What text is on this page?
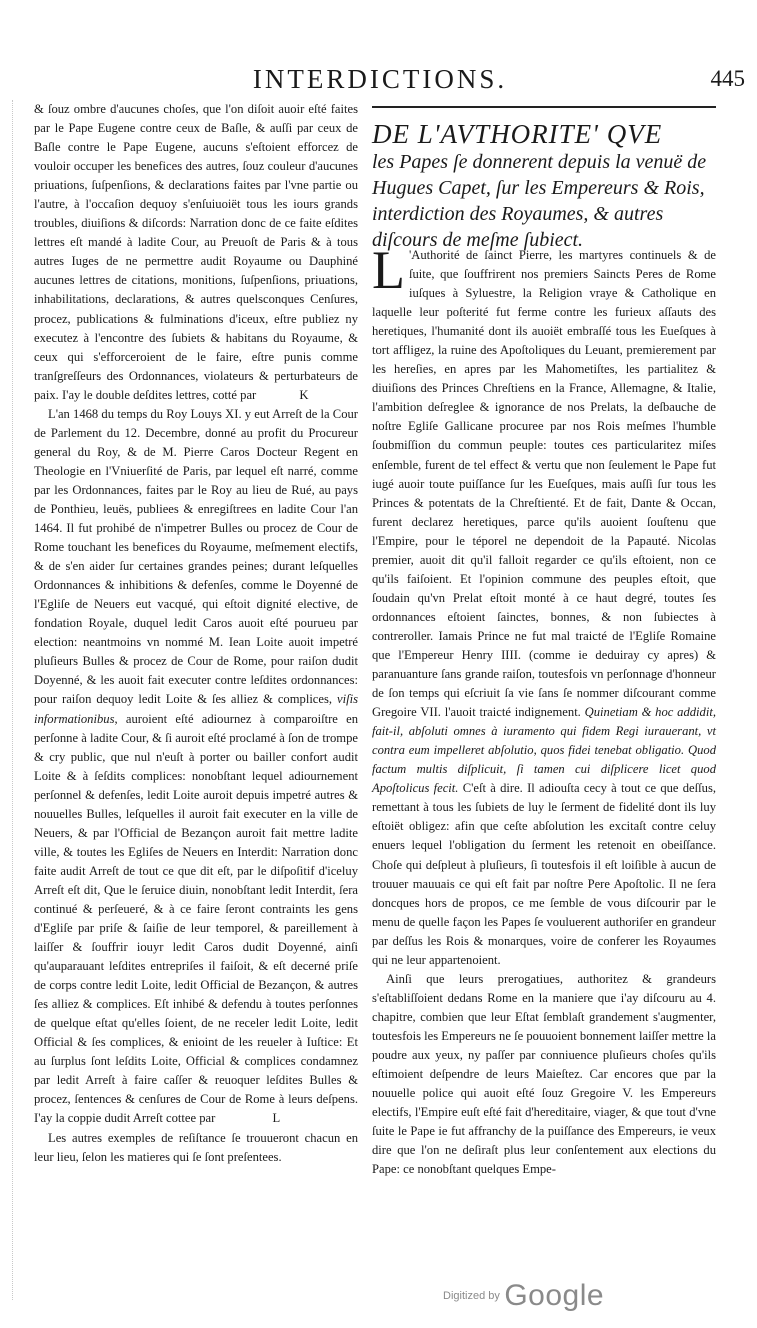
INTERDICTIONS.	445

& ſouz ombre d'aucunes choſes, que l'on diſoit auoir eſté faites par le Pape Eugene contre ceux de Baſle, & auſſi par ceux de Baſle contre le Pape Eugene, aucuns s'eſtoient efforcez de vouloir occuper les benefices des autres, ſouz couleur d'aucunes priuations, ſuſpenſions, & declarations faites par l'vne partie ou l'autre, à l'occaſion dequoy s'enſuiuoiët tous les iours grands troubles, diuiſions & diſcords: Narration donc de ce faite eſdites lettres eſt mandé à ladite Cour, au Preuoſt de Paris & à tous autres Iuges de ne permettre audit Royaume ou Dauphiné aucunes lettres de citations, monitions, ſuſpenſions, priuations, inhabilitations, declarations, & autres quelsconques Cenſures, procez, publications & fulminations d'iceux, eſtre publiez ny executez à l'encontre des ſubiets & habitans du Royaume, & ceux qui s'efforceroient de le faire, eſtre punis comme tranſgreſſeurs des Ordonnances, violateurs & perturbateurs de paix. I'ay le double deſdites lettres, cotté par	K

L'an 1468 du temps du Roy Louys XI. y eut Arreſt de la Cour de Parlement du 12. Decembre, donné au profit du Procureur general du Roy, & de M. Pierre Caros Docteur Regent en Theologie en l'Vniuerſité de Paris, par lequel eſt narré, comme par les Ordonnances, faites par le Roy au lieu de Rué, au pays de Ponthieu, leuës, publiees & enregiſtrees en ladite Cour l'an 1464. Il fut prohibé de n'impetrer Bulles ou procez de Cour de Rome touchant les benefices du Royaume, meſmement electifs, & de s'en aider ſur certaines grandes peines; durant leſquelles Ordonnances & inhibitions & defenſes, comme le Doyenné de l'Egliſe de Neuers eut vacqué, qui eſtoit dignité elective, de fondation Royale, duquel ledit Caros auoit eſté pourueu par election: neantmoins vn nommé M. Iean Loite auoit impetré pluſieurs Bulles & procez de Cour de Rome, pour raiſon dudit Doyenné, & les auoit fait executer contre leſdites ordonnances: pour raiſon dequoy ledit Loite & ſes alliez & complices, viſis informationibus, auroient eſté adiournez à comparoiſtre en perſonne à ladite Cour, & ſi auroit eſté proclamé à ſon de trompe & cry public, que nul n'euſt à porter ou bailler confort audit Loite & à ſeſdits complices: nonobſtant lequel adiournement perſonnel & defenſes, ledit Loite auroit depuis impetré autres & nouuelles Bulles, leſquelles il auroit fait executer en la ville de Neuers, & par l'Official de Bezançon auroit fait mettre ladite ville, & toutes les Egliſes de Neuers en Interdit: Narration donc faite audit Arreſt de tout ce que dit eſt, par le diſpoſitif d'iceluy Arreſt eſt dit, Que le ſeruice diuin, nonobſtant ledit Interdit, ſera continué & perſeueré, & à ce faire ſeront contraints les gens d'Egliſe par priſe & ſaiſie de leur temporel, & pareillement à laiſſer & ſouffrir iouyr ledit Caros dudit Doyenné, ainſi qu'auparauant leſdites entrepriſes il faiſoit, & eſt decerné priſe de corps contre ledit Loite, ledit Official de Bezançon, & autres ſes alliez & complices. Eſt inhibé & defendu à toutes perſonnes de quelque eſtat qu'elles ſoient, de ne receler ledit Loite, ledit Official & ſes complices, & enioint de les reueler à Iuſtice: Et au ſurplus ſont leſdits Loite, Official & complices condamnez par ledit Arreſt à faire caſſer & reuoquer leſdites Bulles & procez, ſentences & cenſures de Cour de Rome à leurs deſpens. I'ay la coppie dudit Arreſt cottee par	L

Les autres exemples de reſiſtance ſe trouueront chacun en leur lieu, ſelon les matieres qui ſe ſont preſentees.

DE L'AVTHORITE' QVE
les Papes ſe donnerent depuis la venuë de Hugues Capet, ſur les Empereurs & Rois, interdiction des Royaumes, & autres diſcours de meſme ſubiect.

L 'Authorité de ſainct Pierre, les martyres continuels & de ſuite, que ſouffrirent nos premiers Saincts Peres de Rome iuſques à Syluestre, la Religion vraye & Catholique en laquelle leur poſterité fut ferme contre les furieux aſſauts des heretiques, l'humanité dont ils auoiët embraſſé tous les Eueſques à tort affligez, la ruine des Apoſtoliques du Leuant, premierement par les hereſies, en apres par les Mahometiſtes, les partialitez & diuiſions des Princes Chreſtiens en la France, Allemagne, & Italie, l'ambition deſreglee & ignorance de nos Prelats, la deſbauche de noſtre Egliſe Gallicane procuree par nos Rois meſmes l'humble ſoubmiſſion du commun peuple: toutes ces particularitez miſes enſemble, furent de tel effect & vertu que non ſeulement le Pape fut iugé auoir toute puiſſance ſur les Eueſques, mais auſſi ſur tous les Princes & potentats de la Chreſtienté. Et de fait, Dante & Occan, furent declarez heretiques, parce qu'ils auoient ſouſtenu que l'Empire, pour le téporel ne dependoit de la Papauté. Nicolas premier, auoit dit qu'il falloit regarder ce qu'ils eſtoient, non ce qu'ils faiſoient. Et l'opinion commune des peuples eſtoit, que ſoudain qu'vn Prelat eſtoit monté à ce haut degré, toutes ſes ordonnances eſtoient ſainctes, bonnes, & non ſubiectes à contreroller. Iamais Prince ne fut mal traicté de l'Egliſe Romaine que l'Empereur Henry IIII. (comme ie deduiray cy apres) & paranuanture ſans grande raiſon, toutesfois vn perſonnage d'honneur de ſon temps qui eſcriuit ſa vie ſans ſe nommer diſcourant comme Gregoire VII. l'auoit traicté indignement. Quinetiam & hoc addidit, fait-il, abſoluti omnes à iuramento qui fidem Regi iurauerant, vt contra eum impelleret abſolutio, quos fidei tenebat obligatio. Quod factum multis diſplicuit, ſi tamen cui diſplicere licet quod Apoſtolicus fecit. C'eſt à dire. Il adiouſta cecy à tout ce que deſſus, remettant à tous les ſubiets de luy le ſerment de fidelité dont ils luy eſtoiët obligez: afin que ceſte abſolution les excitaſt contre celuy enuers lequel l'obligation du ſerment les retenoit en obeiſſance. Choſe qui deſpleut à pluſieurs, ſi toutesfois il eſt loiſible à aucun de trouuer mauuais ce qui eſt fait par noſtre Pere Apoſtolic. Il ne ſera doncques hors de propos, ce me ſemble de vous diſcourir par le menu de quelle façon les Papes ſe vouluerent authoriſer en grandeur par deſſus les Rois & monarques, voire de conferer les Royaumes qui ne leur appartenoient.

Ainſi que leurs prerogatiues, authoritez & grandeurs s'eſtabliſſoient dedans Rome en la maniere que i'ay diſcouru au 4. chapitre, combien que leur Eſtat ſemblaſt grandement s'augmenter, toutesfois les Empereurs ne ſe pouuoient bonnement laiſſer mettre la poudre aux yeux, ny paſſer par conniuence pluſieurs choſes qu'ils eſtimoient deſpendre de leurs Maieſtez. Car encores que par la nouuelle police qui auoit eſté ſouz Gregoire V. les Empereurs electifs, l'Empire euſt eſté fait d'hereditaire, viager, & que tout d'vne ſuite le Pape ie fut affranchy de la puiſſance des Empereurs, ie veux dire que l'on ne deſiraſt plus leur conſentement aux elections du Pape: ce nonobſtant quelques Empe-

Digitized by Google
